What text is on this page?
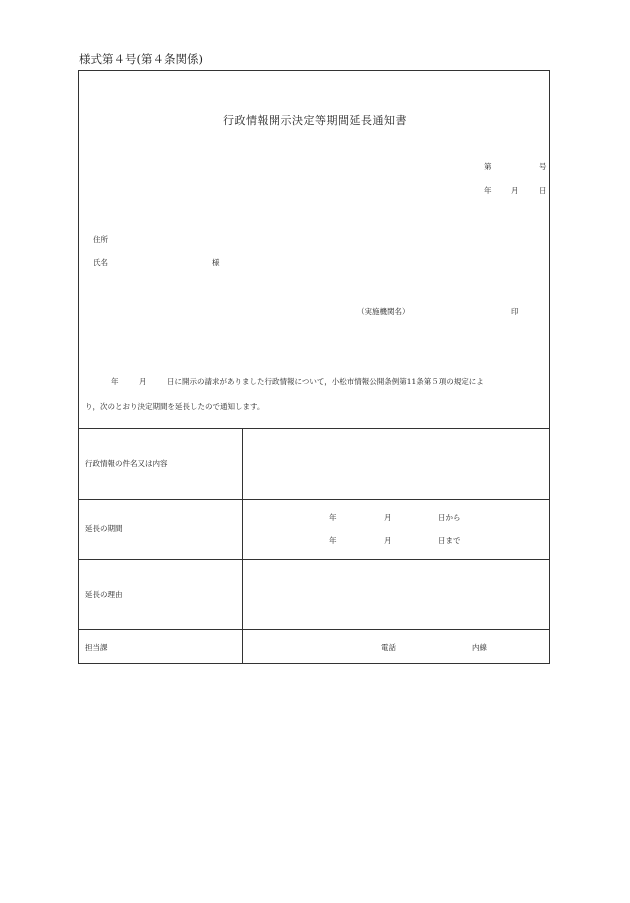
様式第４号(第４条関係)
行政情報開示決定等期間延長通知書
第	号
年	月	日
住所
氏名	様
（実施機関名）	印
年	月	日に開示の請求がありました行政情報について，小松市情報公開条例第11条第５項の規定によ
り，次のとおり決定期間を延長したので通知します。
行政情報の件名又は内容
延長の期間
年	月	日から
年	月	日まで
延長の理由
担当課	電話	内線
